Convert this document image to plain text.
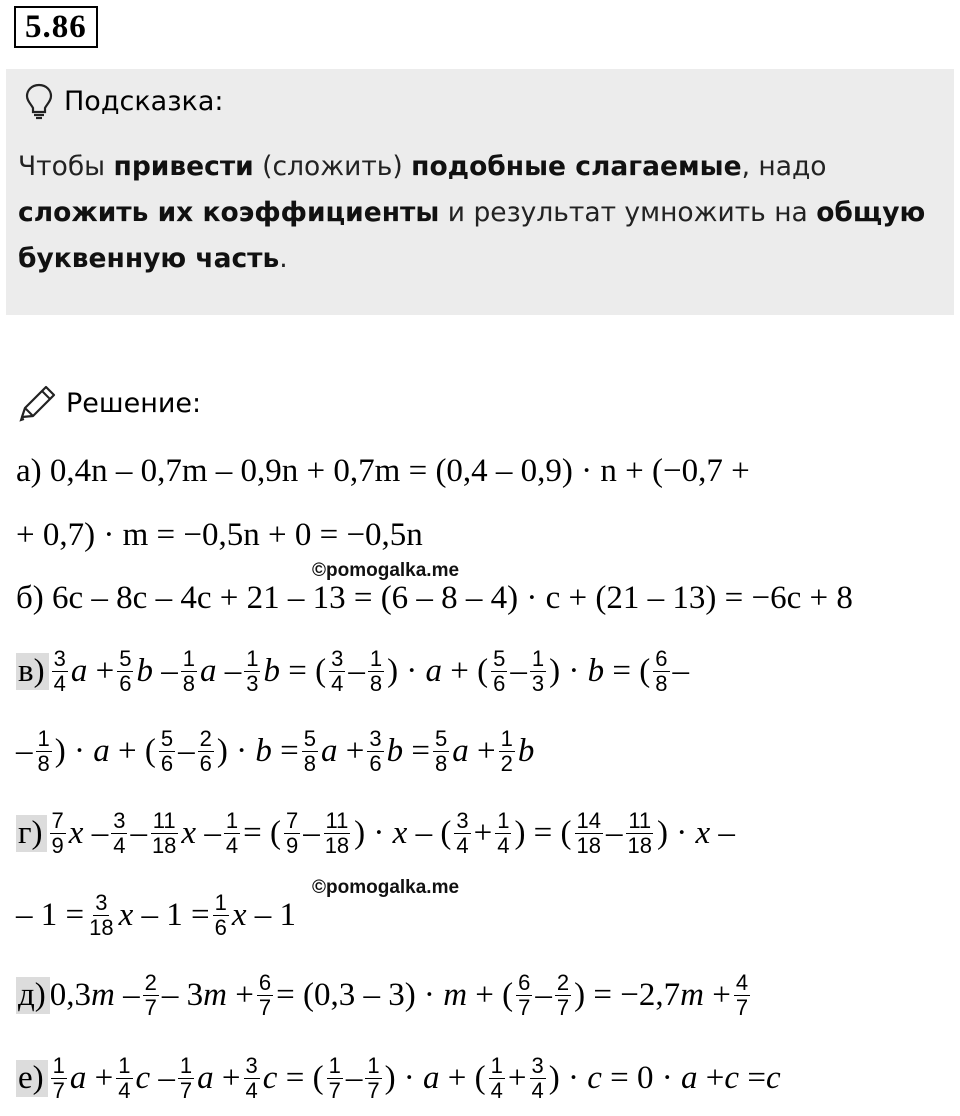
5.86
Подсказка:
Чтобы привести (сложить) подобные слагаемые, надо
сложить их коэффициенты и результат умножить на общую буквенную часть.
Решение:
а) 0,4n – 0,7m – 0,9n + 0,7m = (0,4 – 0,9) · n + (−0,7 +
+ 0,7) · m = −0,5n + 0 = −0,5n
©pomogalka.me
б) 6c – 8c – 4c + 21 – 13 = (6 – 8 – 4) · c + (21 – 13) = −6c + 8
$в) \frac{3}{4}$ $a + \frac{5}{6}$ b – $\frac{1}{8}$ a – $\frac{1}{3}$ b = ( $\frac{3}{4} - \frac{1}{8}$ ) · a + ( $\frac{5}{6} - \frac{1}{3}$ ) · b = ( $\frac{6}{8}$ –
– $\frac{1}{8}$ ) · a + ( $\frac{5}{6} - \frac{2}{6}$ ) · $b = \frac{5}{8}$ $a + \frac{3}{6}$ $b = \frac{5}{8}$ $a + \frac{1}{2}$ b
$г) \frac{7}{9}$ x – $\frac{3}{4} - \frac{11}{18}$ x – $\frac{1}{4}$ = ( $\frac{7}{9} - \frac{11}{18}$ ) · x – ( $\frac{3}{4} + \frac{1}{4}$ ) = ( $\frac{14}{18} - \frac{11}{18}$ ) · x –
©pomogalka.me
– $1 = \frac{3}{18}$ $x - 1 = \frac{1}{6}$ x – 1
д) 0,3 m – $\frac{2}{7} - 3$ $m + \frac{6}{7} = (0,3 - 3) \cdot m$ + ( $\frac{6}{7} - \frac{2}{7}$ ) = −2,7 $m + \frac{4}{7}$
$е) \frac{1}{7}$ $a + \frac{1}{4}$ c – $\frac{1}{7}$ $a + \frac{3}{4}$ c = ( $\frac{1}{7} - \frac{1}{7}$ ) · a + ( $\frac{1}{4} + \frac{3}{4}$ ) · c = 0 · a + c = c
